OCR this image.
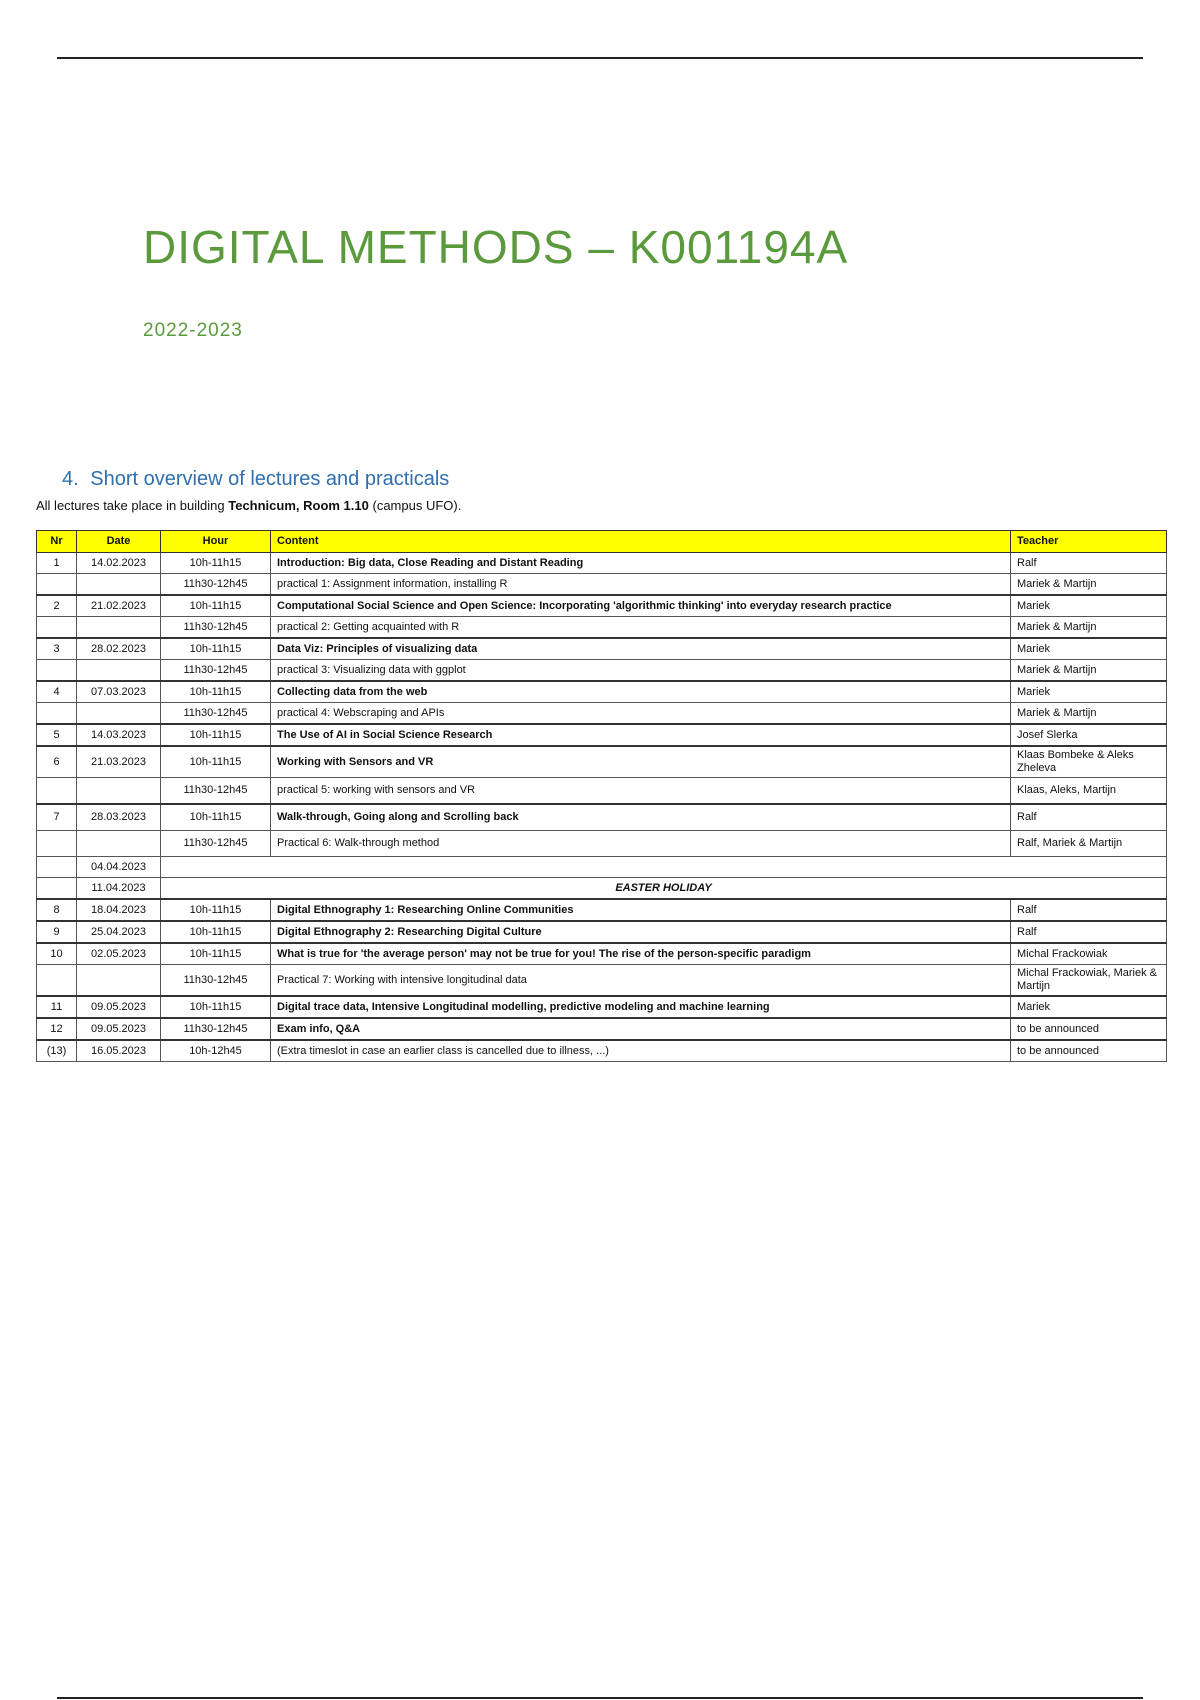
DIGITAL METHODS – K001194A
2022-2023
4. Short overview of lectures and practicals
All lectures take place in building Technicum, Room 1.10 (campus UFO).
Nr	Date	Hour	Content	Teacher
1	14.02.2023	10h-11h15	Introduction: Big data, Close Reading and Distant Reading	Ralf
		11h30-12h45	practical 1: Assignment information, installing R	Mariek & Martijn
2	21.02.2023	10h-11h15	Computational Social Science and Open Science: Incorporating 'algorithmic thinking' into everyday research practice	Mariek
		11h30-12h45	practical 2: Getting acquainted with R	Mariek & Martijn
3	28.02.2023	10h-11h15	Data Viz: Principles of visualizing data	Mariek
		11h30-12h45	practical 3: Visualizing data with ggplot	Mariek & Martijn
4	07.03.2023	10h-11h15	Collecting data from the web	Mariek
		11h30-12h45	practical 4: Webscraping and APIs	Mariek & Martijn
5	14.03.2023	10h-11h15	The Use of AI in Social Science Research	Josef Slerka
6	21.03.2023	10h-11h15	Working with Sensors and VR	Klaas Bombeke & Aleks Zheleva
		11h30-12h45	practical 5: working with sensors and VR	Klaas, Aleks, Martijn
7	28.03.2023	10h-11h15	Walk-through, Going along and Scrolling back	Ralf
		11h30-12h45	Practical 6: Walk-through method	Ralf, Mariek & Martijn
	04.04.2023			
	11.04.2023	EASTER HOLIDAY		
8	18.04.2023	10h-11h15	Digital Ethnography 1: Researching Online Communities	Ralf
9	25.04.2023	10h-11h15	Digital Ethnography 2: Researching Digital Culture	Ralf
10	02.05.2023	10h-11h15	What is true for 'the average person' may not be true for you! The rise of the person-specific paradigm	Michal Frackowiak
		11h30-12h45	Practical 7: Working with intensive longitudinal data	Michal Frackowiak, Mariek & Martijn
11	09.05.2023	10h-11h15	Digital trace data, Intensive Longitudinal modelling, predictive modeling and machine learning	Mariek
12	09.05.2023	11h30-12h45	Exam info, Q&A	to be announced
(13)	16.05.2023	10h-12h45	(Extra timeslot in case an earlier class is cancelled due to illness, ...)	to be announced
